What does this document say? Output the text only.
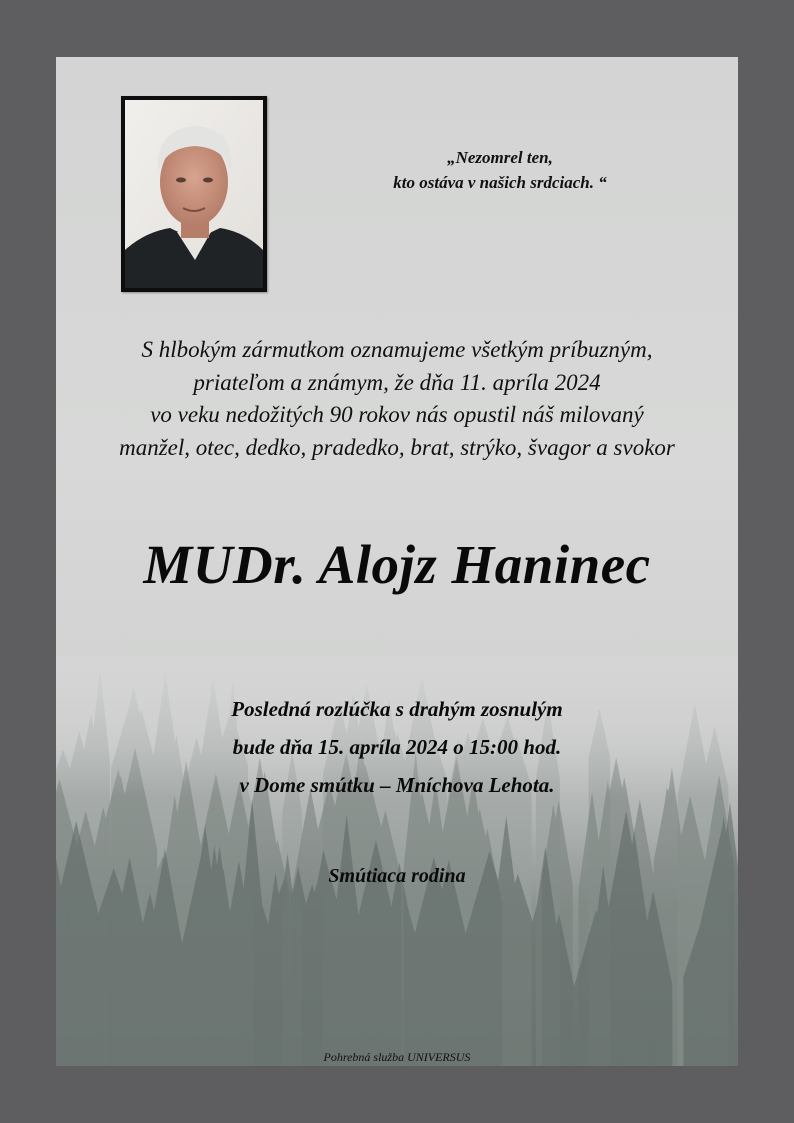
„Nezomrel ten,
kto ostáva v našich srdciach. “
S hlbokým zármutkom oznamujeme všetkým príbuzným,
priateľom a známym, že dňa 11. apríla 2024
vo veku nedožitých 90 rokov nás opustil náš milovaný
manžel, otec, dedko, pradedko, brat, strýko, švagor a svokor
MUDr. Alojz Haninec
Posledná rozlúčka s drahým zosnulým
bude dňa 15. apríla 2024 o 15:00 hod.
v Dome smútku – Mníchova Lehota.
Smútiaca rodina
Pohrebná služba UNIVERSUS
